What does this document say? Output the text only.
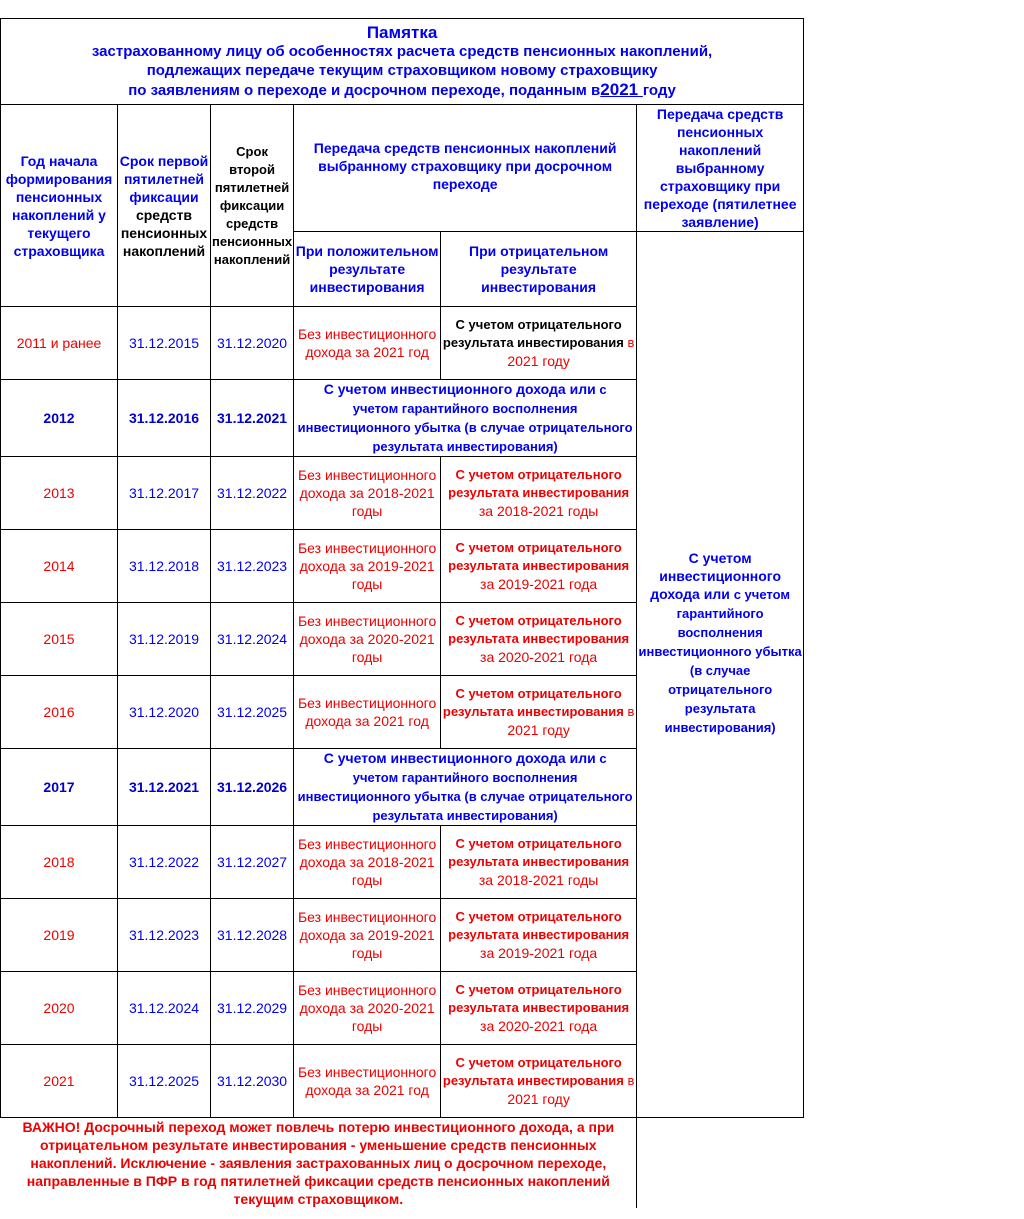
Памятка
застрахованному лицу об особенностях расчета средств пенсионных накоплений,
подлежащих передаче текущим страховщиком новому страховщику
по заявлениям о переходе и досрочном переходе, поданным в2021 году					

Год начала формирования пенсионных накоплений у текущего страховщика	Срок первой пятилетней фиксации средств пенсионных накоплений	Срок второй пятилетней фиксации средств пенсионных накоплений	Передача средств пенсионных накоплений выбранному страховщику при досрочном переходе		Передача средств пенсионных накоплений выбранному страховщику при переходе (пятилетнее заявление)
			При положительном результате инвестирования	При отрицательном результате инвестирования	С учетом инвестиционного дохода или с учетом гарантийного восполнения инвестиционного убытка (в случае отрицательного результата инвестирования)
2011 и ранее	31.12.2015	31.12.2020	Без инвестиционного дохода за 2021 год	С учетом отрицательного результата инвестирования в
2021 году	
2012	31.12.2016	31.12.2021	С учетом инвестиционного дохода или с
учетом гарантийного восполнения
инвестиционного убытка (в случае отрицательного
результата инвестирования)		
2013	31.12.2017	31.12.2022	Без инвестиционного дохода за 2018-2021 годы	С учетом отрицательного результата инвестирования
за 2018-2021 годы	
2014	31.12.2018	31.12.2023	Без инвестиционного дохода за 2019-2021 годы	С учетом отрицательного результата инвестирования
за 2019-2021 года	
2015	31.12.2019	31.12.2024	Без инвестиционного дохода за 2020-2021 годы	С учетом отрицательного результата инвестирования
за 2020-2021 года	
2016	31.12.2020	31.12.2025	Без инвестиционного дохода за 2021 год	С учетом отрицательного результата инвестирования в
2021 году	
2017	31.12.2021	31.12.2026	С учетом инвестиционного дохода или с
учетом гарантийного восполнения
инвестиционного убытка (в случае отрицательного
результата инвестирования)		
2018	31.12.2022	31.12.2027	Без инвестиционного дохода за 2018-2021 годы	С учетом отрицательного результата инвестирования
за 2018-2021 годы	
2019	31.12.2023	31.12.2028	Без инвестиционного дохода за 2019-2021 годы	С учетом отрицательного результата инвестирования
за 2019-2021 года	
2020	31.12.2024	31.12.2029	Без инвестиционного дохода за 2020-2021 годы	С учетом отрицательного результата инвестирования
за 2020-2021 года	
2021	31.12.2025	31.12.2030	Без инвестиционного дохода за 2021 год	С учетом отрицательного результата инвестирования в
2021 году	
ВАЖНО! Досрочный переход может повлечь потерю инвестиционного дохода, а при отрицательном результате инвестирования - уменьшение средств пенсионных накоплений. Исключение - заявления застрахованных лиц о досрочном переходе, направленные в ПФР в год пятилетней фиксации средств пенсионных накоплений текущим страховщиком.					
